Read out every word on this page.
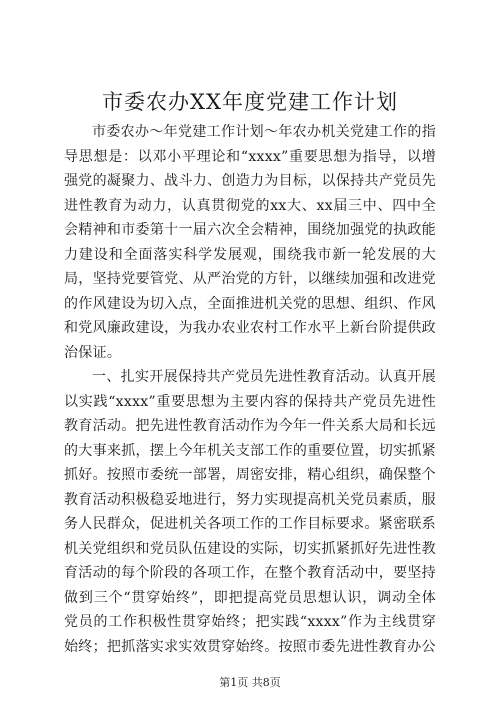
市委农办XX年度党建工作计划

市委农办～年党建工作计划～年农办机关党建工作的指导思想是：以邓小平理论和“xxxx”重要思想为指导，以增强党的凝聚力、战斗力、创造力为目标，以保持共产党员先进性教育为动力，认真贯彻党的xx大、xx届三中、四中全会精神和市委第十一届六次全会精神，围绕加强党的执政能力建设和全面落实科学发展观，围绕我市新一轮发展的大局，坚持党要管党、从严治党的方针，以继续加强和改进党的作风建设为切入点，全面推进机关党的思想、组织、作风和党风廉政建设，为我办农业农村工作水平上新台阶提供政治保证。

一、扎实开展保持共产党员先进性教育活动。认真开展以实践“xxxx”重要思想为主要内容的保持共产党员先进性教育活动。把先进性教育活动作为今年一件关系大局和长远的大事来抓，摆上今年机关支部工作的重要位置，切实抓紧抓好。按照市委统一部署，周密安排，精心组织，确保整个教育活动积极稳妥地进行，努力实现提高机关党员素质，服务人民群众，促进机关各项工作的工作目标要求。紧密联系机关党组织和党员队伍建设的实际，切实抓紧抓好先进性教育活动的每个阶段的各项工作，在整个教育活动中，要坚持做到三个“贯穿始终”，即把提高党员思想认识，调动全体党员的工作积极性贯穿始终；把实践“xxxx”作为主线贯穿始终；把抓落实求实效贯穿始终。按照市委先进性教育办公

第1页 共8页
